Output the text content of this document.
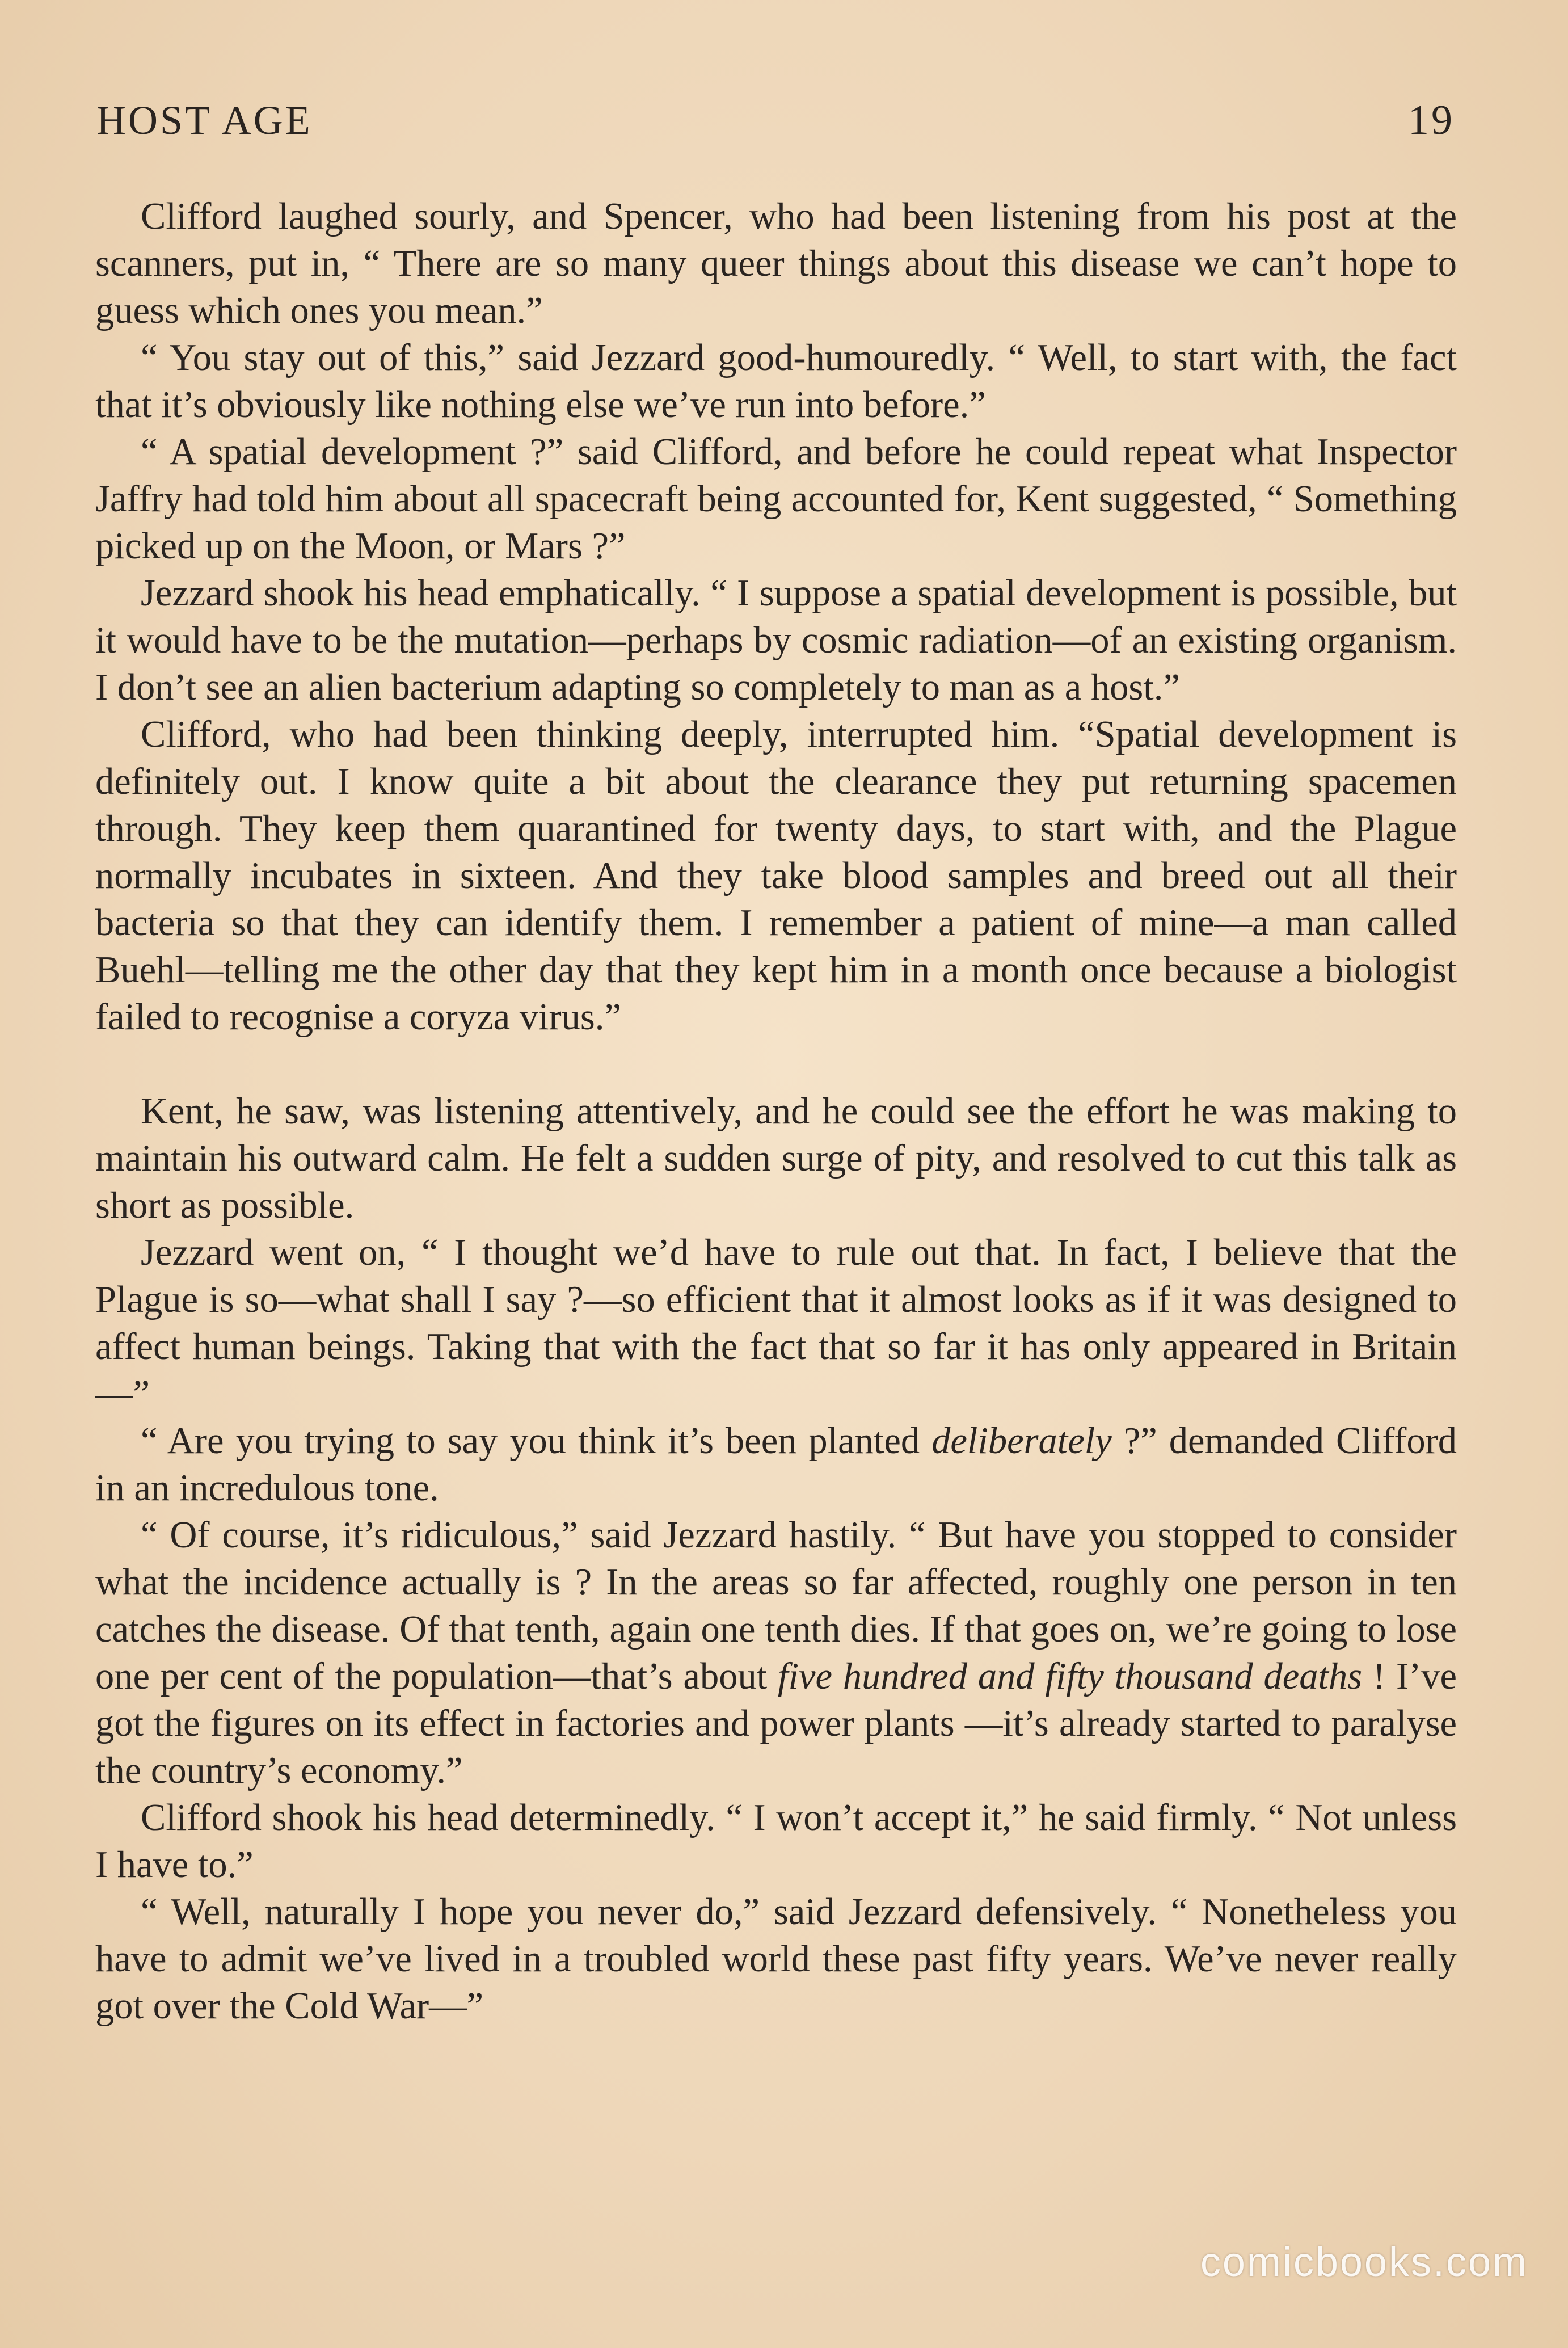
HOST AGE	19

Clifford laughed sourly, and Spencer, who had been listening from his post at the scanners, put in, “ There are so many queer things about this disease we can’t hope to guess which ones you mean.”

“ You stay out of this,” said Jezzard good-humouredly. “ Well, to start with, the fact that it’s obviously like nothing else we’ve run into before.”

“ A spatial development ?” said Clifford, and before he could repeat what Inspector Jaffry had told him about all spacecraft being accounted for, Kent suggested, “ Something picked up on the Moon, or Mars ?”

Jezzard shook his head emphatically. “ I suppose a spatial development is possible, but it would have to be the mutation—perhaps by cosmic radiation—of an existing organism. I don’t see an alien bacterium adapting so completely to man as a host.”

Clifford, who had been thinking deeply, interrupted him. “Spatial development is definitely out. I know quite a bit about the clearance they put returning spacemen through. They keep them quarantined for twenty days, to start with, and the Plague normally incubates in sixteen. And they take blood samples and breed out all their bacteria so that they can identify them. I remember a patient of mine—a man called Buehl—telling me the other day that they kept him in a month once because a biologist failed to recognise a coryza virus.”

Kent, he saw, was listening attentively, and he could see the effort he was making to maintain his outward calm. He felt a sudden surge of pity, and resolved to cut this talk as short as possible.

Jezzard went on, “ I thought we’d have to rule out that. In fact, I believe that the Plague is so—what shall I say ?—so efficient that it almost looks as if it was designed to affect human beings. Taking that with the fact that so far it has only appeared in Britain—”

“ Are you trying to say you think it’s been planted deliberately ?” demanded Clifford in an incredulous tone.

“ Of course, it’s ridiculous,” said Jezzard hastily. “ But have you stopped to consider what the incidence actually is ? In the areas so far affected, roughly one person in ten catches the disease. Of that tenth, again one tenth dies. If that goes on, we’re going to lose one per cent of the population—that’s about five hundred and fifty thousand deaths ! I’ve got the figures on its effect in factories and power plants —it’s already started to paralyse the country’s economy.”

Clifford shook his head determinedly. “ I won’t accept it,” he said firmly. “ Not unless I have to.”

“ Well, naturally I hope you never do,” said Jezzard defensively. “ Nonetheless you have to admit we’ve lived in a troubled world these past fifty years. We’ve never really got over the Cold War—”

comicbooks.com
